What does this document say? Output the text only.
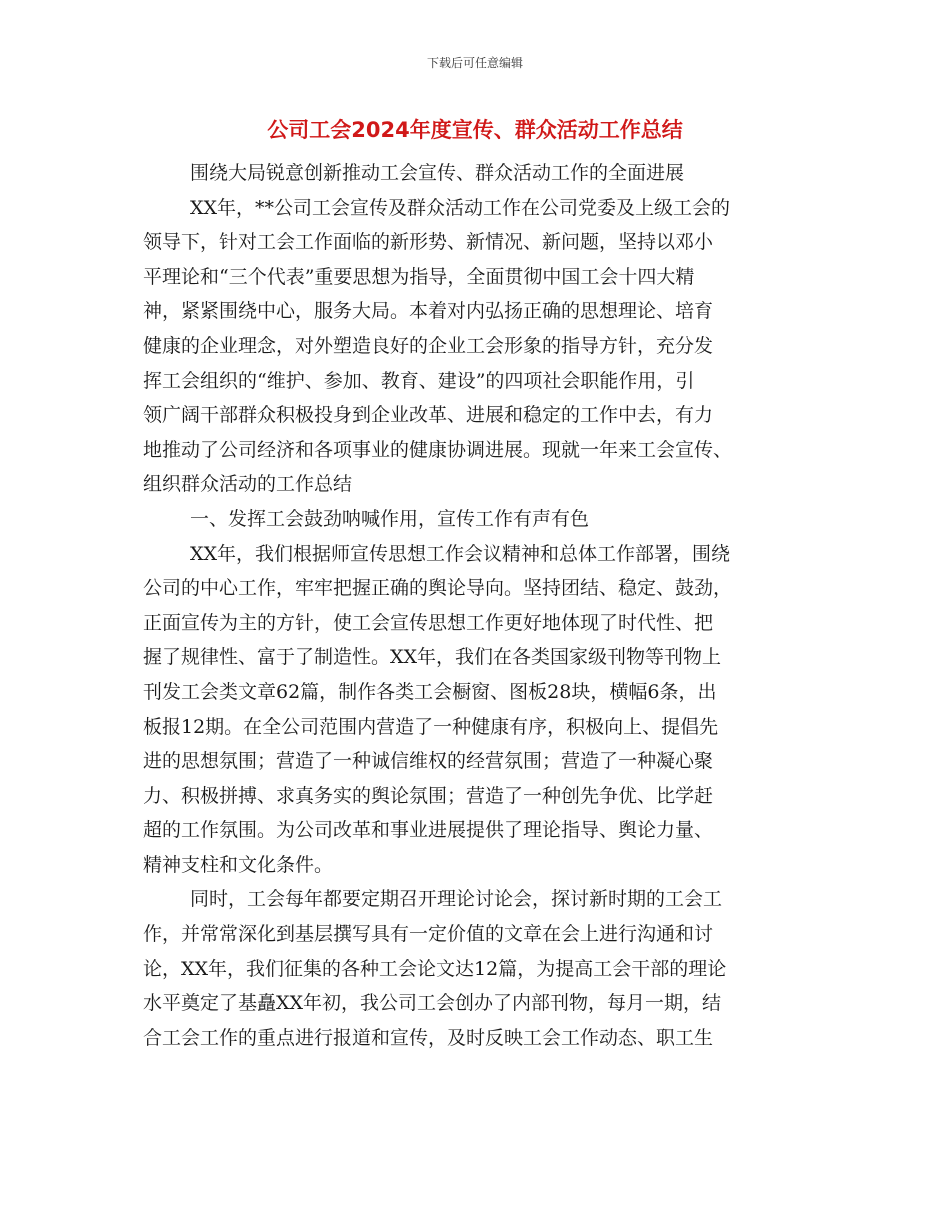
下载后可任意编辑
公司工会2024年度宣传、群众活动工作总结
围绕大局锐意创新推动工会宣传、群众活动工作的全面进展
XX年，**公司工会宣传及群众活动工作在公司党委及上级工会的
领导下，针对工会工作面临的新形势、新情况、新问题，坚持以邓小
平理论和“三个代表”重要思想为指导，全面贯彻中国工会十四大精
神，紧紧围绕中心，服务大局。本着对内弘扬正确的思想理论、培育
健康的企业理念，对外塑造良好的企业工会形象的指导方针，充分发
挥工会组织的“维护、参加、教育、建设”的四项社会职能作用，引
领广阔干部群众积极投身到企业改革、进展和稳定的工作中去，有力
地推动了公司经济和各项事业的健康协调进展。现就一年来工会宣传、
组织群众活动的工作总结
一、发挥工会鼓劲呐喊作用，宣传工作有声有色
XX年，我们根据师宣传思想工作会议精神和总体工作部署，围绕
公司的中心工作，牢牢把握正确的舆论导向。坚持团结、稳定、鼓劲，
正面宣传为主的方针，使工会宣传思想工作更好地体现了时代性、把
握了规律性、富于了制造性。XX年，我们在各类国家级刊物等刊物上
刊发工会类文章62篇，制作各类工会橱窗、图板28块，横幅6条，出
板报12期。在全公司范围内营造了一种健康有序，积极向上、提倡先
进的思想氛围；营造了一种诚信维权的经营氛围；营造了一种凝心聚
力、积极拼搏、求真务实的舆论氛围；营造了一种创先争优、比学赶
超的工作氛围。为公司改革和事业进展提供了理论指导、舆论力量、
精神支柱和文化条件。
同时，工会每年都要定期召开理论讨论会，探讨新时期的工会工
作，并常常深化到基层撰写具有一定价值的文章在会上进行沟通和讨
论，XX年，我们征集的各种工会论文达12篇，为提高工会干部的理论
水平奠定了基矗XX年初，我公司工会创办了内部刊物，每月一期，结
合工会工作的重点进行报道和宣传，及时反映工会工作动态、职工生
